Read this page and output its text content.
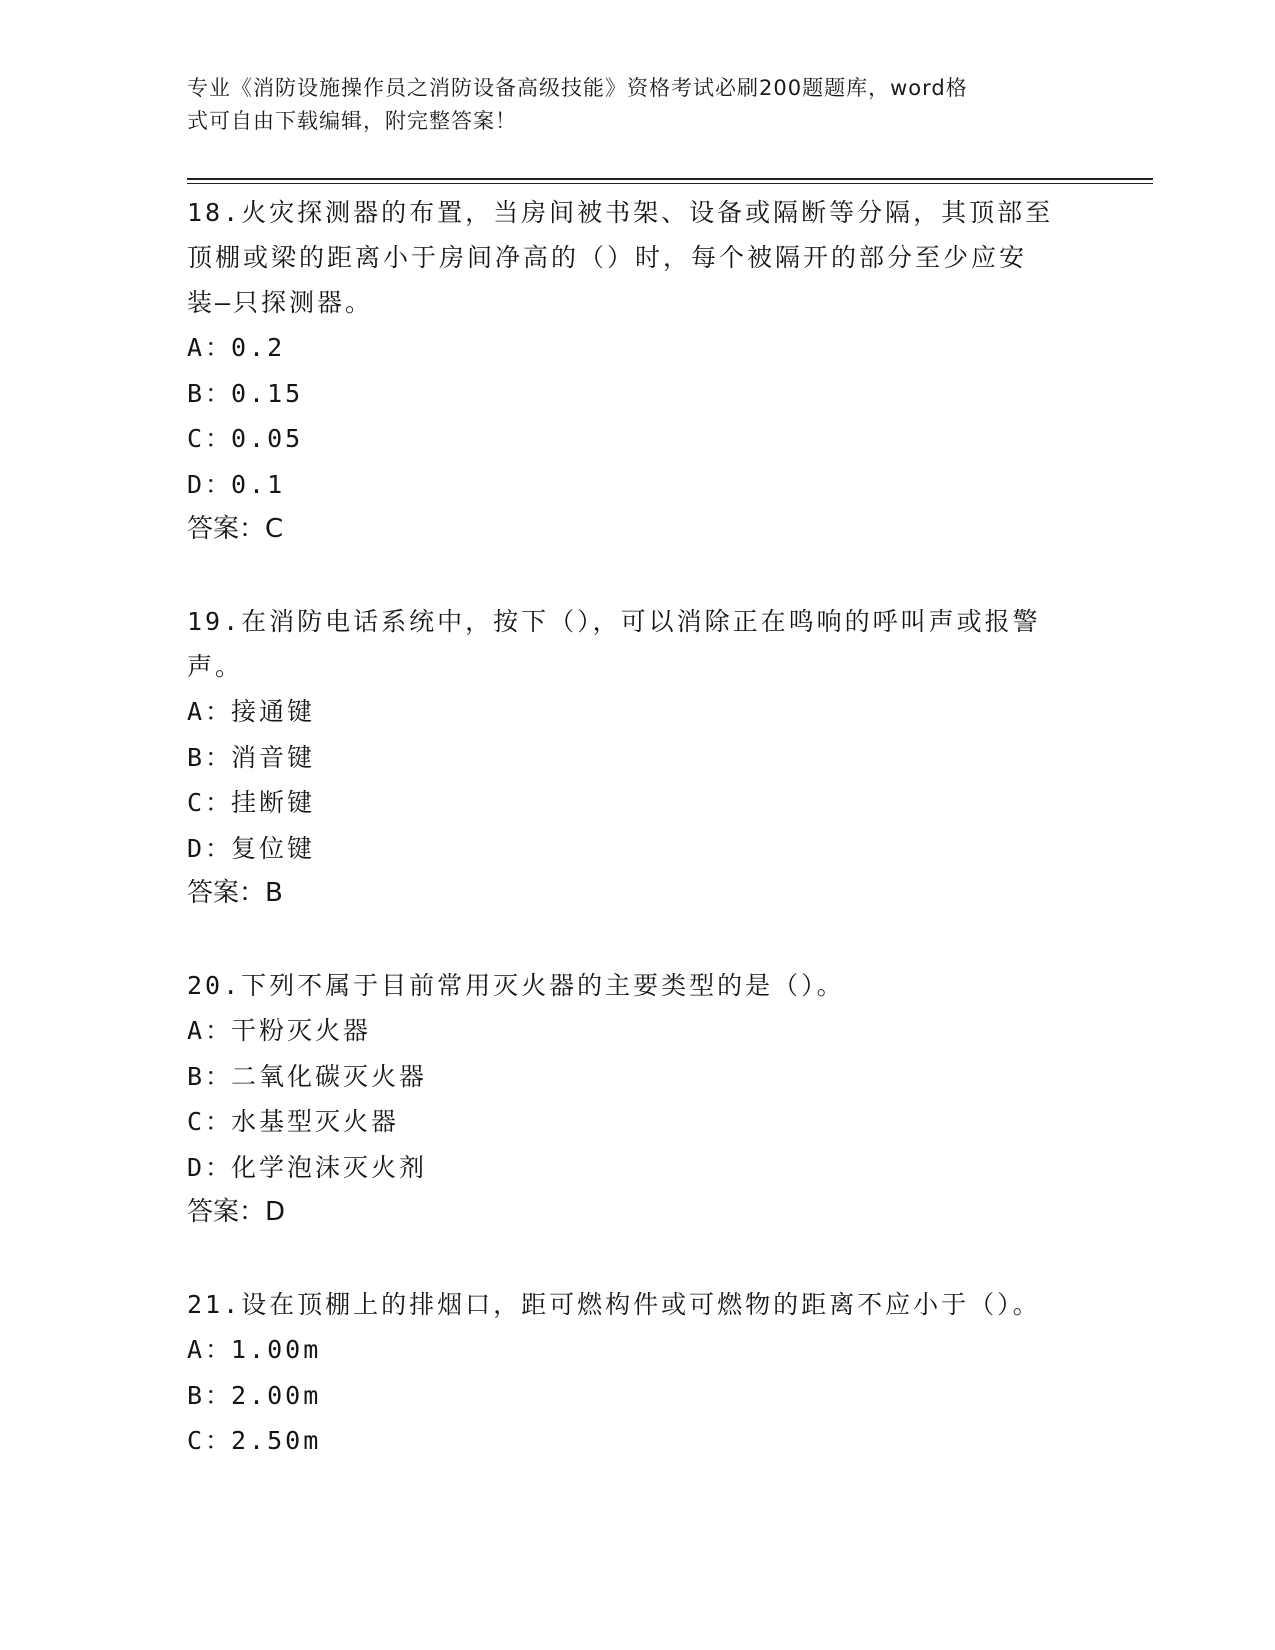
专业《消防设施操作员之消防设备高级技能》资格考试必刷200题题库，word格
式可自由下载编辑，附完整答案！
18.火灾探测器的布置，当房间被书架、设备或隔断等分隔，其顶部至
顶棚或梁的距离小于房间净高的（）时，每个被隔开的部分至少应安
装—只探测器。
A：0.2
B：0.15
C：0.05
D：0.1
答案：C
19.在消防电话系统中，按下（），可以消除正在鸣响的呼叫声或报警
声。
A：接通键
B：消音键
C：挂断键
D：复位键
答案：B
20.下列不属于目前常用灭火器的主要类型的是（）。
A：干粉灭火器
B：二氧化碳灭火器
C：水基型灭火器
D：化学泡沫灭火剂
答案：D
21.设在顶棚上的排烟口，距可燃构件或可燃物的距离不应小于（）。
A：1.00m
B：2.00m
C：2.50m
